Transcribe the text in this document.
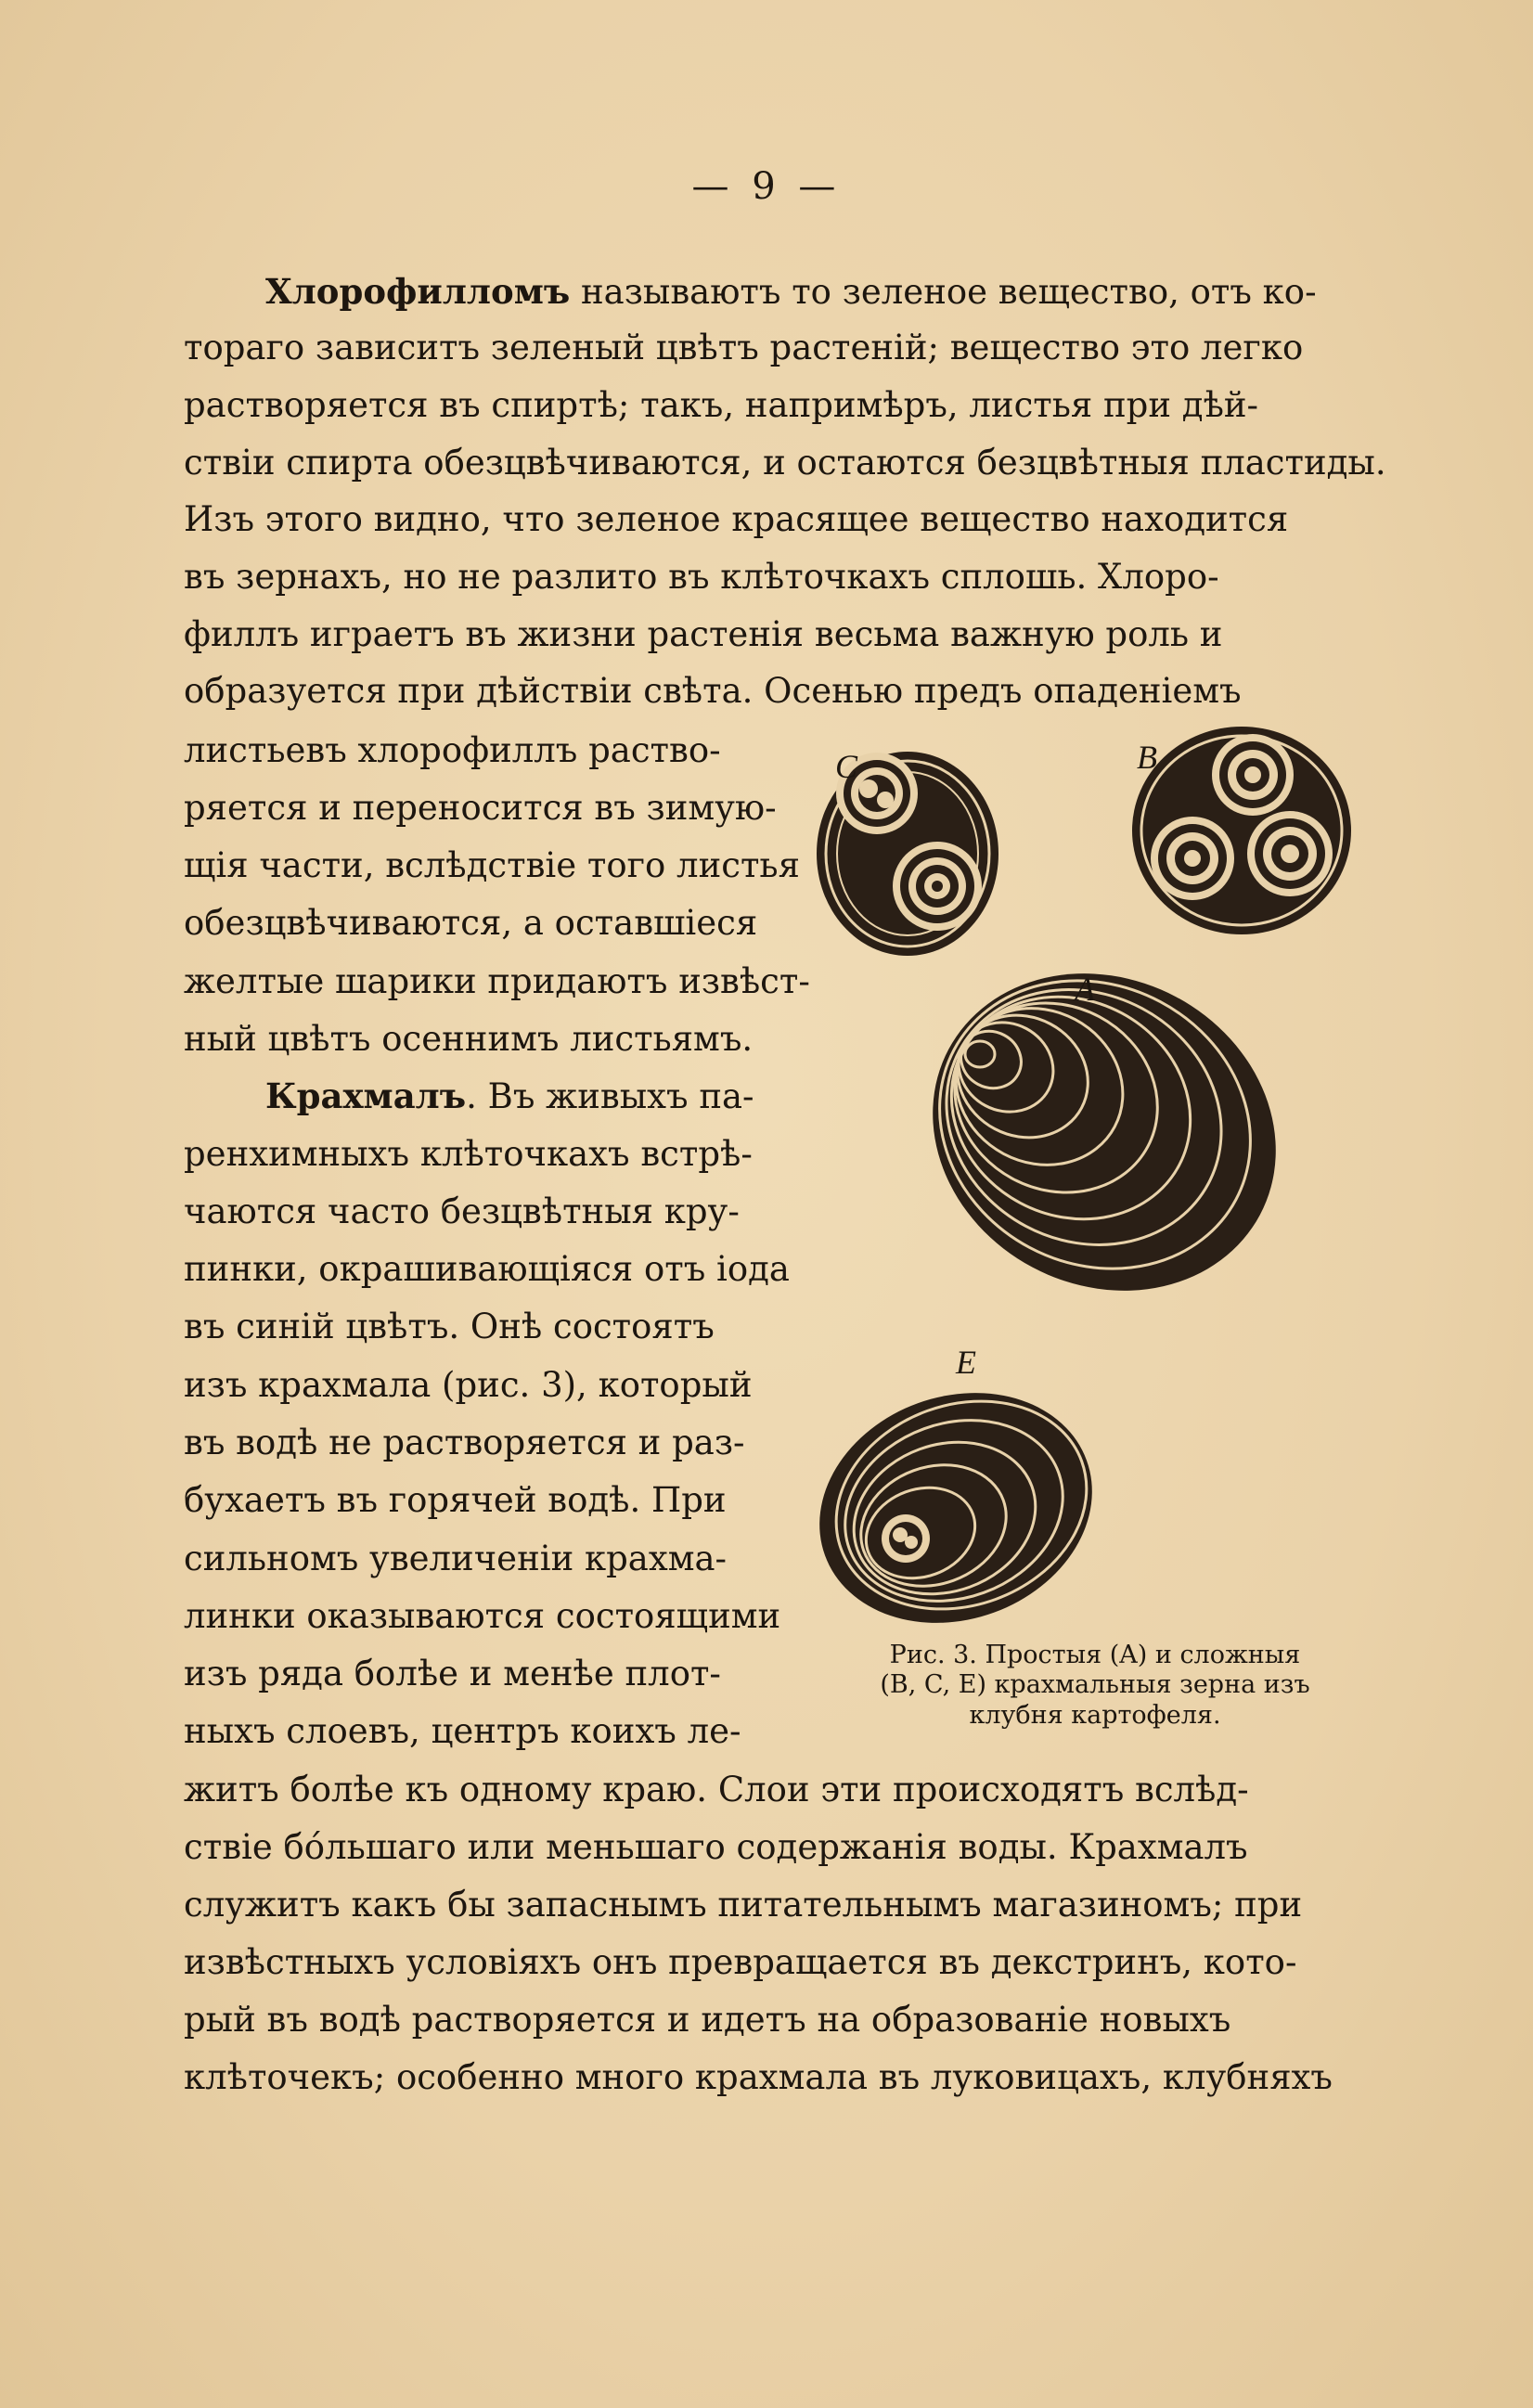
— 9 —
Хлорофилломъ называютъ то зеленое вещество, отъ ко-
тораго зависитъ зеленый цвѣтъ растенiй; вещество это легко
растворяется въ спиртѣ; такъ, напримѣръ, листья при дѣй-
ствiи спирта обезцвѣчиваются, и остаются безцвѣтныя пластиды.
Изъ этого видно, что зеленое красящее вещество находится
въ зернахъ, но не разлито въ клѣточкахъ сплошь. Хлоро-
филлъ играетъ въ жизни растенiя весьма важную роль и
образуется при дѣйствiи свѣта. Осенью предъ опаденiемъ
листьевъ хлорофиллъ раство-
ряется и переносится въ зимую-
щiя части, вслѣдствiе того листья
обезцвѣчиваются, а оставшiеся
желтые шарики придаютъ извѣст-
ный цвѣтъ осеннимъ листьямъ.
Крахмалъ. Въ живыхъ па-
ренхимныхъ клѣточкахъ встрѣ-
чаются часто безцвѣтныя кру-
пинки, окрашивающiяся отъ iода
въ синiй цвѣтъ. Онѣ состоятъ
изъ крахмала (рис. 3), который
въ водѣ не растворяется и раз-
бухаетъ въ горячей водѣ. При
сильномъ увеличенiи крахма-
линки оказываются состоящими
изъ ряда болѣе и менѣе плот-
ныхъ слоевъ, центръ коихъ ле-
житъ болѣе къ одному краю. Слои эти происходятъ вслѣд-
ствiе бóльшаго или меньшаго содержанiя воды. Крахмалъ
служитъ какъ бы запаснымъ питательнымъ магазиномъ; при
извѣстныхъ условiяхъ онъ превращается въ декстринъ, кото-
рый въ водѣ растворяется и идетъ на образованiе новыхъ
клѣточекъ; особенно много крахмала въ луковицахъ, клубняхъ
C	B
A
E
Рис. 3. Простыя (A) и сложныя
(B, C, E) крахмальныя зерна изъ
клубня картофеля.
